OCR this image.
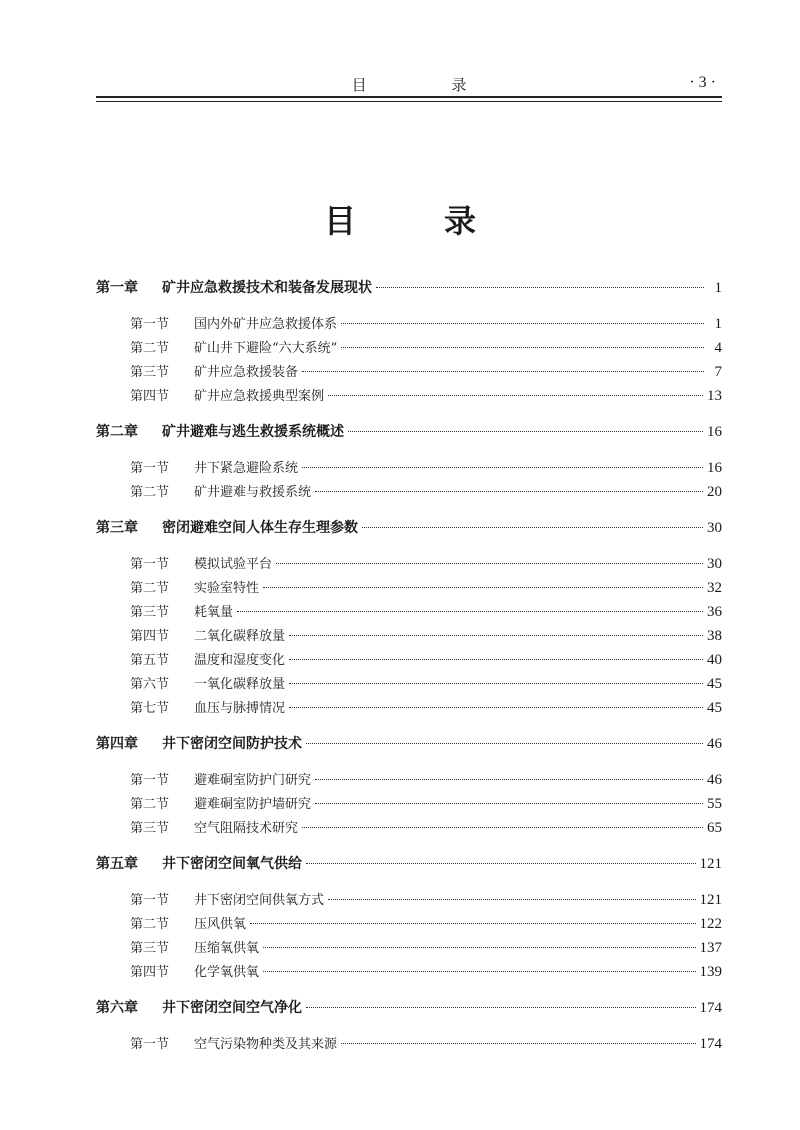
目 录	· 3 ·
目录
第一章	矿井应急救援技术和装备发展现状	1
第一节	国内外矿井应急救援体系	1
第二节	矿山井下避险“六大系统”	4
第三节	矿井应急救援装备	7
第四节	矿井应急救援典型案例	13
第二章	矿井避难与逃生救援系统概述	16
第一节	井下紧急避险系统	16
第二节	矿井避难与救援系统	20
第三章	密闭避难空间人体生存生理参数	30
第一节	模拟试验平台	30
第二节	实验室特性	32
第三节	耗氧量	36
第四节	二氧化碳释放量	38
第五节	温度和湿度变化	40
第六节	一氧化碳释放量	45
第七节	血压与脉搏情况	45
第四章	井下密闭空间防护技术	46
第一节	避难硐室防护门研究	46
第二节	避难硐室防护墙研究	55
第三节	空气阻隔技术研究	65
第五章	井下密闭空间氧气供给	121
第一节	井下密闭空间供氧方式	121
第二节	压风供氧	122
第三节	压缩氧供氧	137
第四节	化学氧供氧	139
第六章	井下密闭空间空气净化	174
第一节	空气污染物种类及其来源	174
